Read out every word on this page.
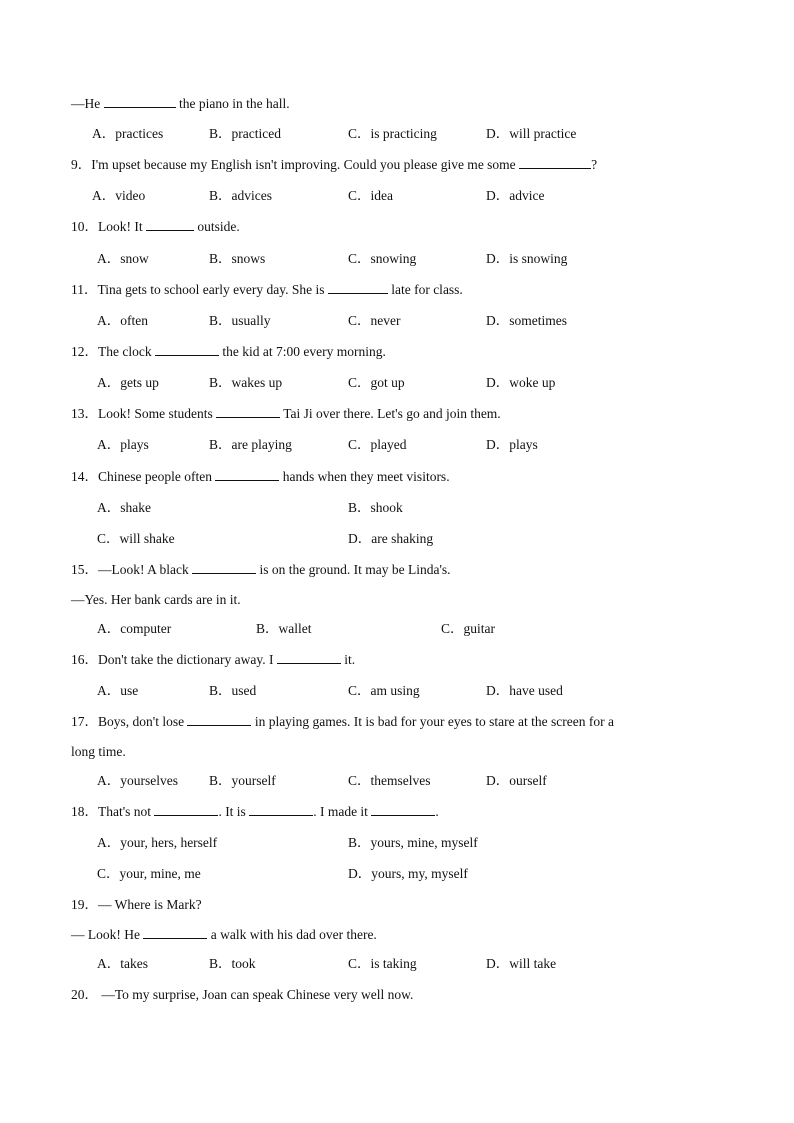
—He	the piano in the hall.
A．practices	B．practiced	C．is practicing	D．will practice
9．I'm upset because my English isn't improving. Could you please give me some	?
A．video	B．advices	C．idea	D．advice
10．Look! It	outside.
A．snow	B．snows	C．snowing	D．is snowing
11．Tina gets to school early every day. She is	late for class.
A．often	B．usually	C．never	D．sometimes
12．The clock	the kid at 7:00 every morning.
A．gets up	B．wakes up	C．got up	D．woke up
13．Look! Some students	Tai Ji over there. Let's go and join them.
A．plays	B．are playing	C．played	D．plays
14．Chinese people often	hands when they meet visitors.
A．shake	B．shook
C．will shake	D．are shaking
15．—Look! A black	is on the ground. It may be Linda's.
—Yes. Her bank cards are in it.
A．computer	B．wallet	C．guitar
16．Don't take the dictionary away. I	it.
A．use	B．used	C．am using	D．have used
17．Boys, don't lose	in playing games. It is bad for your eyes to stare at the screen for a
long time.
A．yourselves B．yourself	C．themselves	D．ourself
18．That's not	. It is	. I made it	.
A．your, hers, herself	B．yours, mine, myself
C．your, mine, me	D．yours, my, myself
19．— Where is Mark?
— Look! He	a walk with his dad over there.
A．takes	B．took	C．is taking	D．will take
20． —To my surprise, Joan can speak Chinese very well now.
